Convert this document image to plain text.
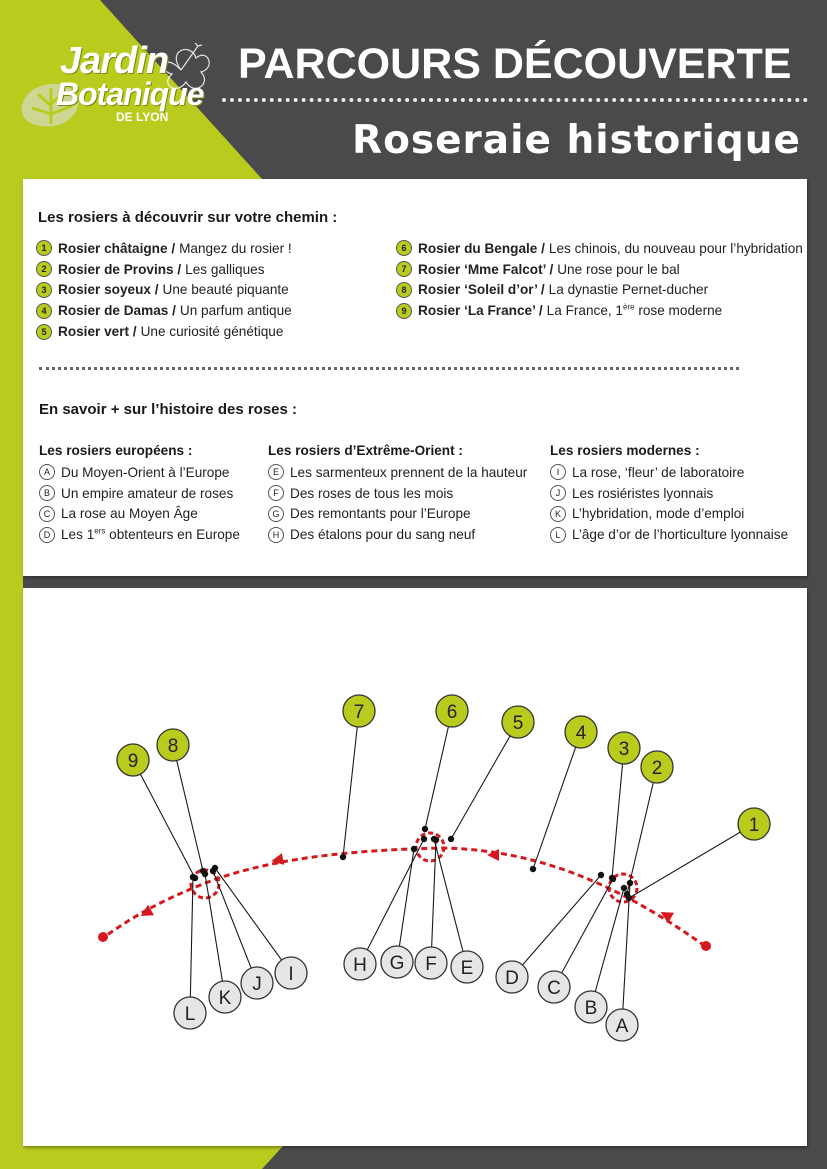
Jardin
Botanique
DE LYON
PARCOURS DÉCOUVERTE
Roseraie historique
Les rosiers à découvrir sur votre chemin :
1 Rosier châtaigne / Mangez du rosier !
2 Rosier de Provins / Les galliques
3 Rosier soyeux / Une beauté piquante
4 Rosier de Damas / Un parfum antique
5 Rosier vert / Une curiosité génétique
6 Rosier du Bengale / Les chinois, du nouveau pour l’hybridation
7 Rosier ‘Mme Falcot’ / Une rose pour le bal
8 Rosier ‘Soleil d’or’ / La dynastie Pernet-ducher
9 Rosier ‘La France’ / La France, 1ère rose moderne
En savoir + sur l’histoire des roses :
Les rosiers européens :
A Du Moyen-Orient à l’Europe
B Un empire amateur de roses
C La rose au Moyen Âge
D Les 1ers obtenteurs en Europe
Les rosiers d’Extrême-Orient :
E Les sarmenteux prennent de la hauteur
F Des roses de tous les mois
G Des remontants pour l’Europe
H Des étalons pour du sang neuf
Les rosiers modernes :
I La rose, ‘fleur’ de laboratoire
J Les rosiéristes lyonnais
K L’hybridation, mode d’emploi
L L’âge d’or de l’horticulture lyonnaise
1
2
3
4
5
6
7
8
9
A
B
C
D
E
F
G
H
I
J
K
L
